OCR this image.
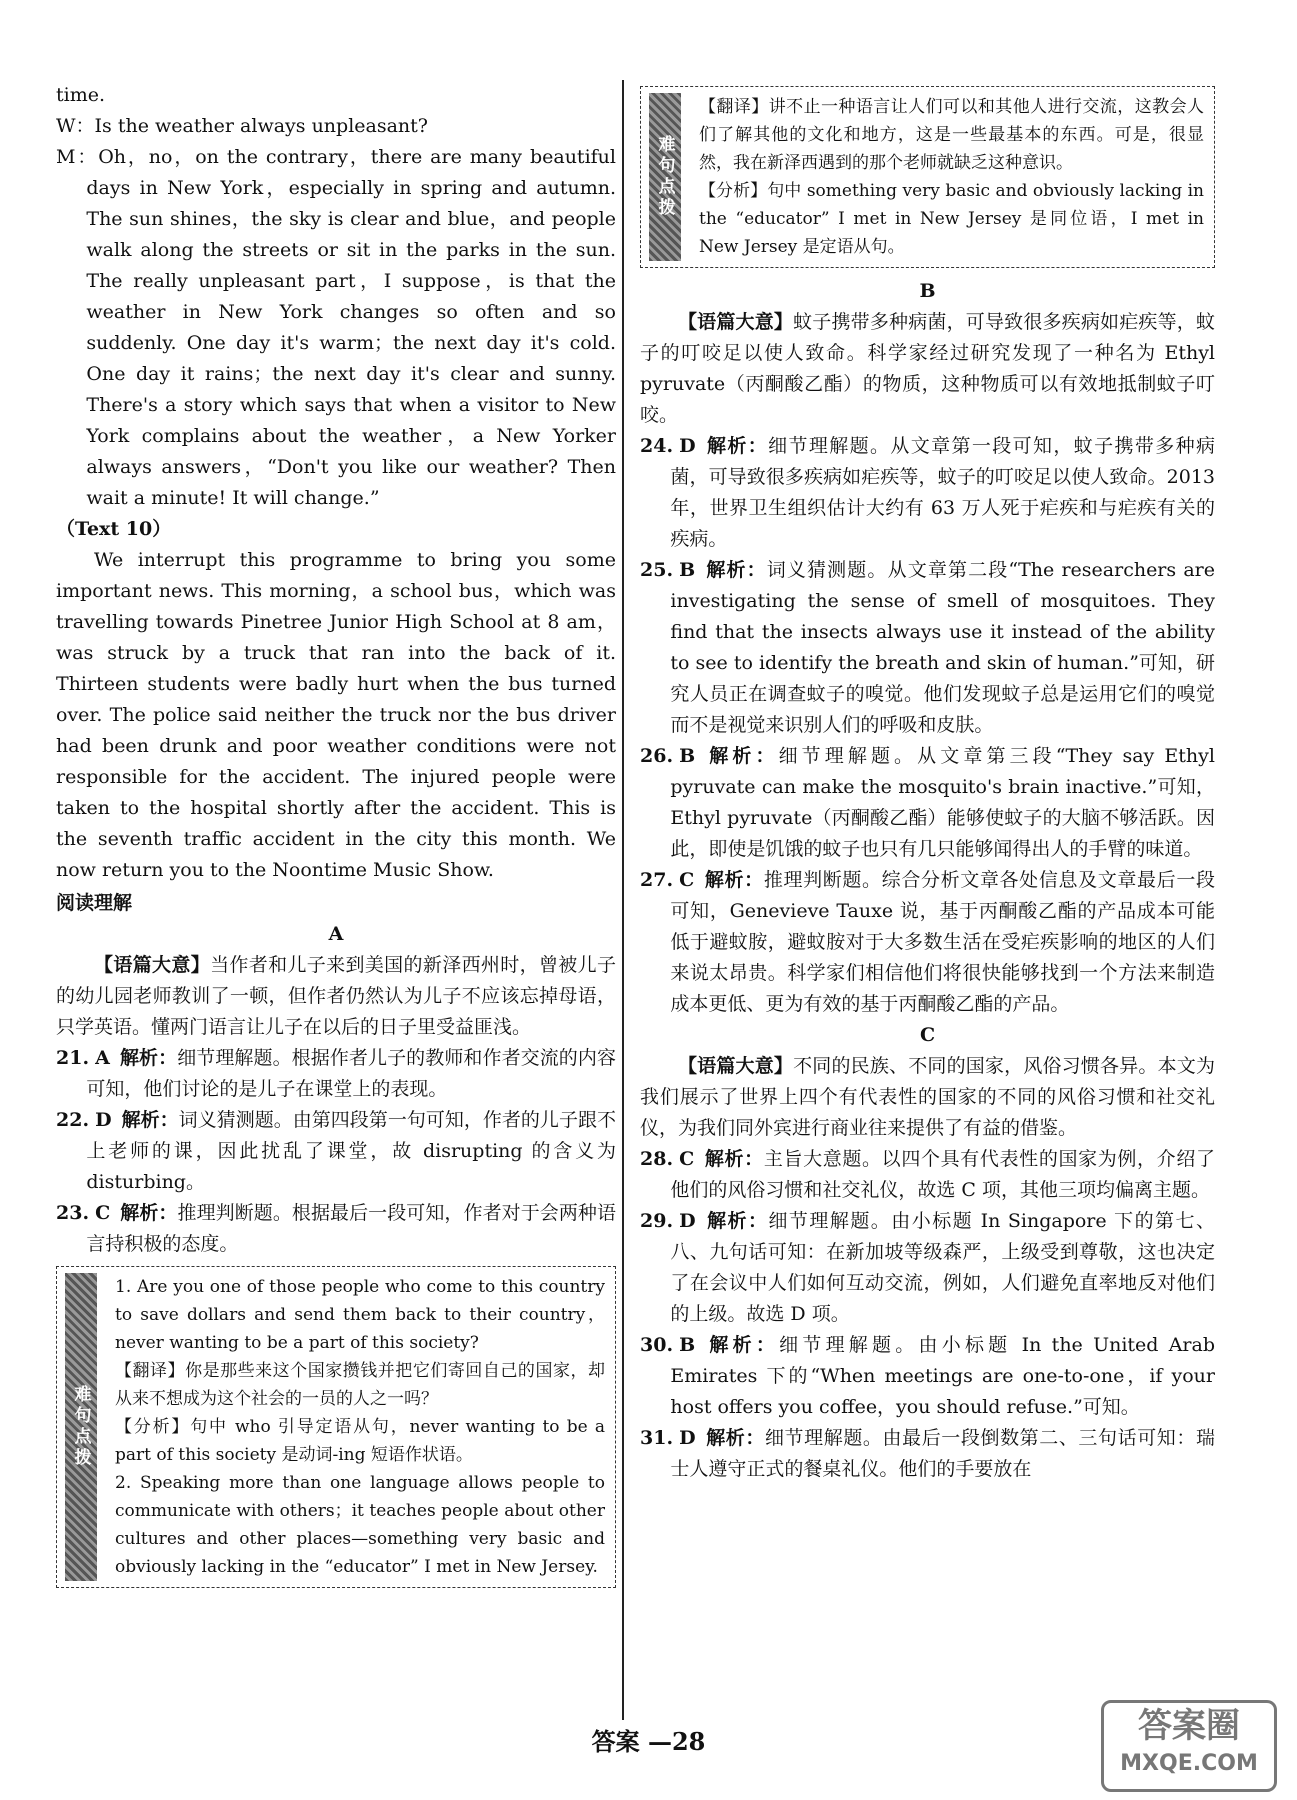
time.

W：Is the weather always unpleasant?

M：Oh，no，on the contrary，there are many beautiful days in New York，especially in spring and autumn. The sun shines，the sky is clear and blue，and people walk along the streets or sit in the parks in the sun. The really unpleasant part，I suppose，is that the weather in New York changes so often and so suddenly. One day it's warm；the next day it's cold. One day it rains；the next day it's clear and sunny. There's a story which says that when a visitor to New York complains about the weather，a New Yorker always answers，“Don't you like our weather? Then wait a minute! It will change.”

（Text 10）

We interrupt this programme to bring you some important news. This morning，a school bus，which was travelling towards Pinetree Junior High School at 8 am，was struck by a truck that ran into the back of it. Thirteen students were badly hurt when the bus turned over. The police said neither the truck nor the bus driver had been drunk and poor weather conditions were not responsible for the accident. The injured people were taken to the hospital shortly after the accident. This is the seventh traffic accident in the city this month. We now return you to the Noontime Music Show.

阅读理解

A

【语篇大意】当作者和儿子来到美国的新泽西州时，曾被儿子的幼儿园老师教训了一顿，但作者仍然认为儿子不应该忘掉母语，只学英语。懂两门语言让儿子在以后的日子里受益匪浅。

21. A 解析：细节理解题。根据作者儿子的教师和作者交流的内容可知，他们讨论的是儿子在课堂上的表现。

22. D 解析：词义猜测题。由第四段第一句可知，作者的儿子跟不上老师的课，因此扰乱了课堂，故 disrupting 的含义为 disturbing。

23. C 解析：推理判断题。根据最后一段可知，作者对于会两种语言持积极的态度。

难句点拨

1. Are you one of those people who come to this country to save dollars and send them back to their country，never wanting to be a part of this society?

【翻译】你是那些来这个国家攒钱并把它们寄回自己的国家，却从来不想成为这个社会的一员的人之一吗？

【分析】句中 who 引导定语从句，never wanting to be a part of this society 是动词-ing 短语作状语。

2. Speaking more than one language allows people to communicate with others；it teaches people about other cultures and other places—something very basic and obviously lacking in the “educator” I met in New Jersey.

难句点拨

【翻译】讲不止一种语言让人们可以和其他人进行交流，这教会人们了解其他的文化和地方，这是一些最基本的东西。可是，很显然，我在新泽西遇到的那个老师就缺乏这种意识。

【分析】句中 something very basic and obviously lacking in the “educator” I met in New Jersey 是同位语，I met in New Jersey 是定语从句。

B

【语篇大意】蚊子携带多种病菌，可导致很多疾病如疟疾等，蚊子的叮咬足以使人致命。科学家经过研究发现了一种名为 Ethyl pyruvate（丙酮酸乙酯）的物质，这种物质可以有效地抵制蚊子叮咬。

24. D 解析：细节理解题。从文章第一段可知，蚊子携带多种病菌，可导致很多疾病如疟疾等，蚊子的叮咬足以使人致命。2013 年，世界卫生组织估计大约有 63 万人死于疟疾和与疟疾有关的疾病。

25. B 解析：词义猜测题。从文章第二段“The researchers are investigating the sense of smell of mosquitoes. They find that the insects always use it instead of the ability to see to identify the breath and skin of human.”可知，研究人员正在调查蚊子的嗅觉。他们发现蚊子总是运用它们的嗅觉而不是视觉来识别人们的呼吸和皮肤。

26. B 解析：细节理解题。从文章第三段“They say Ethyl pyruvate can make the mosquito's brain inactive.”可知，Ethyl pyruvate（丙酮酸乙酯）能够使蚊子的大脑不够活跃。因此，即使是饥饿的蚊子也只有几只能够闻得出人的手臂的味道。

27. C 解析：推理判断题。综合分析文章各处信息及文章最后一段可知，Genevieve Tauxe 说，基于丙酮酸乙酯的产品成本可能低于避蚊胺，避蚊胺对于大多数生活在受疟疾影响的地区的人们来说太昂贵。科学家们相信他们将很快能够找到一个方法来制造成本更低、更为有效的基于丙酮酸乙酯的产品。

C

【语篇大意】不同的民族、不同的国家，风俗习惯各异。本文为我们展示了世界上四个有代表性的国家的不同的风俗习惯和社交礼仪，为我们同外宾进行商业往来提供了有益的借鉴。

28. C 解析：主旨大意题。以四个具有代表性的国家为例，介绍了他们的风俗习惯和社交礼仪，故选 C 项，其他三项均偏离主题。

29. D 解析：细节理解题。由小标题 In Singapore 下的第七、八、九句话可知：在新加坡等级森严，上级受到尊敬，这也决定了在会议中人们如何互动交流，例如，人们避免直率地反对他们的上级。故选 D 项。

30. B 解析：细节理解题。由小标题 In the United Arab Emirates 下的“When meetings are one-to-one，if your host offers you coffee，you should refuse.”可知。

31. D 解析：细节理解题。由最后一段倒数第二、三句话可知：瑞士人遵守正式的餐桌礼仪。他们的手要放在

答案 —28	答案圈
MXQE.COM
